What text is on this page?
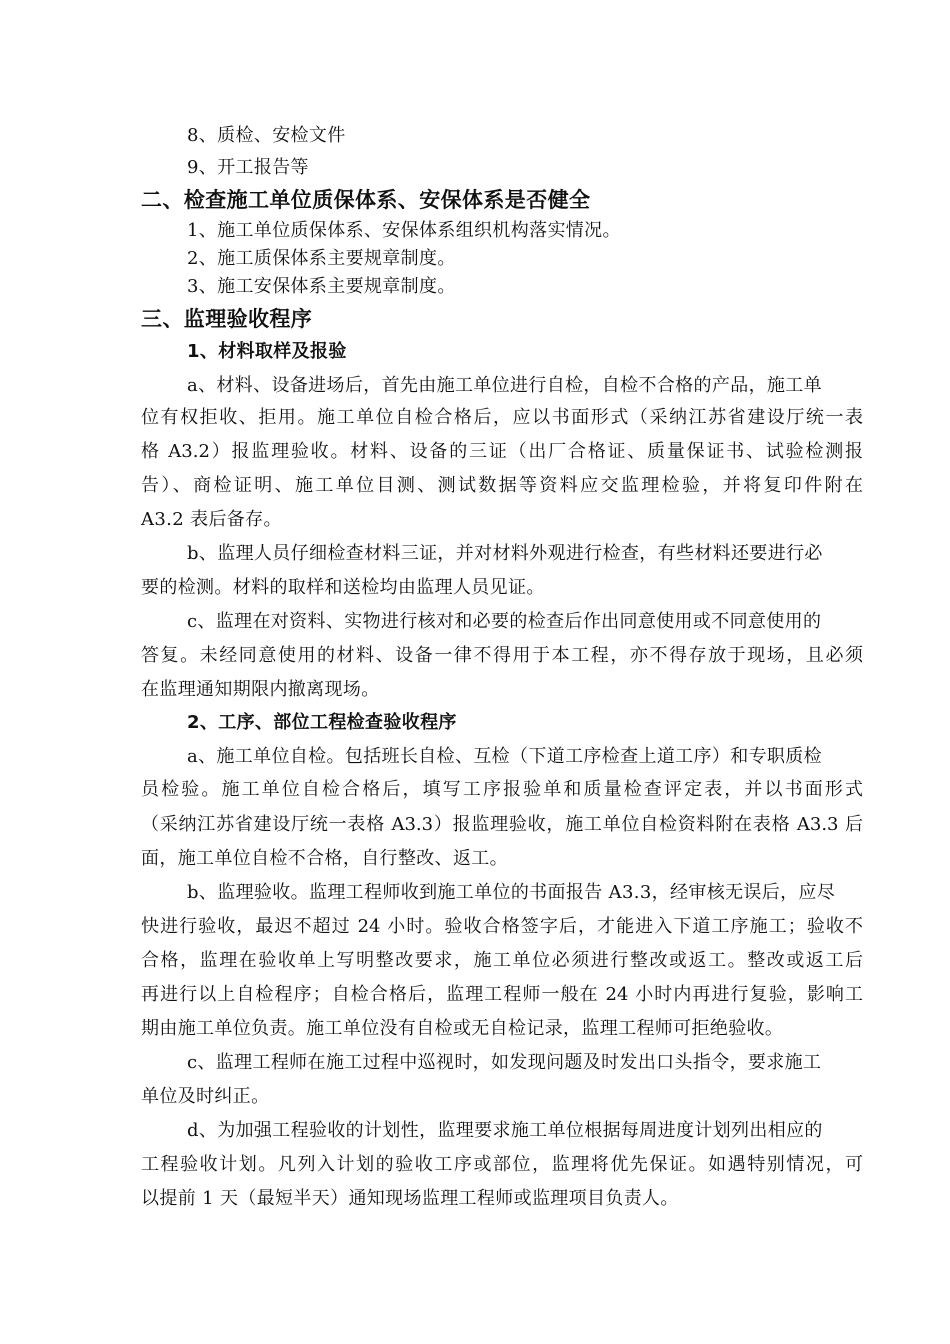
8、质检、安检文件

9、开工报告等

二、检查施工单位质保体系、安保体系是否健全

1、施工单位质保体系、安保体系组织机构落实情况。

2、施工质保体系主要规章制度。

3、施工安保体系主要规章制度。

三、监理验收程序

1、材料取样及报验

a、材料、设备进场后，首先由施工单位进行自检，自检不合格的产品，施工单

位有权拒收、拒用。施工单位自检合格后，应以书面形式（采纳江苏省建设厅统一表

格 A3.2）报监理验收。材料、设备的三证（出厂合格证、质量保证书、试验检测报

告）、商检证明、施工单位目测、测试数据等资料应交监理检验，并将复印件附在

A3.2 表后备存。

b、监理人员仔细检查材料三证，并对材料外观进行检查，有些材料还要进行必

要的检测。材料的取样和送检均由监理人员见证。

c、监理在对资料、实物进行核对和必要的检查后作出同意使用或不同意使用的

答复。未经同意使用的材料、设备一律不得用于本工程，亦不得存放于现场，且必须

在监理通知期限内撤离现场。

2、工序、部位工程检查验收程序

a、施工单位自检。包括班长自检、互检（下道工序检查上道工序）和专职质检

员检验。施工单位自检合格后，填写工序报验单和质量检查评定表，并以书面形式

（采纳江苏省建设厅统一表格 A3.3）报监理验收，施工单位自检资料附在表格 A3.3 后

面，施工单位自检不合格，自行整改、返工。

b、监理验收。监理工程师收到施工单位的书面报告 A3.3，经审核无误后，应尽

快进行验收，最迟不超过 24 小时。验收合格签字后，才能进入下道工序施工；验收不

合格，监理在验收单上写明整改要求，施工单位必须进行整改或返工。整改或返工后

再进行以上自检程序；自检合格后，监理工程师一般在 24 小时内再进行复验，影响工

期由施工单位负责。施工单位没有自检或无自检记录，监理工程师可拒绝验收。

c、监理工程师在施工过程中巡视时，如发现问题及时发出口头指令，要求施工

单位及时纠正。

d、为加强工程验收的计划性，监理要求施工单位根据每周进度计划列出相应的

工程验收计划。凡列入计划的验收工序或部位，监理将优先保证。如遇特别情况，可

以提前 1 天（最短半天）通知现场监理工程师或监理项目负责人。
